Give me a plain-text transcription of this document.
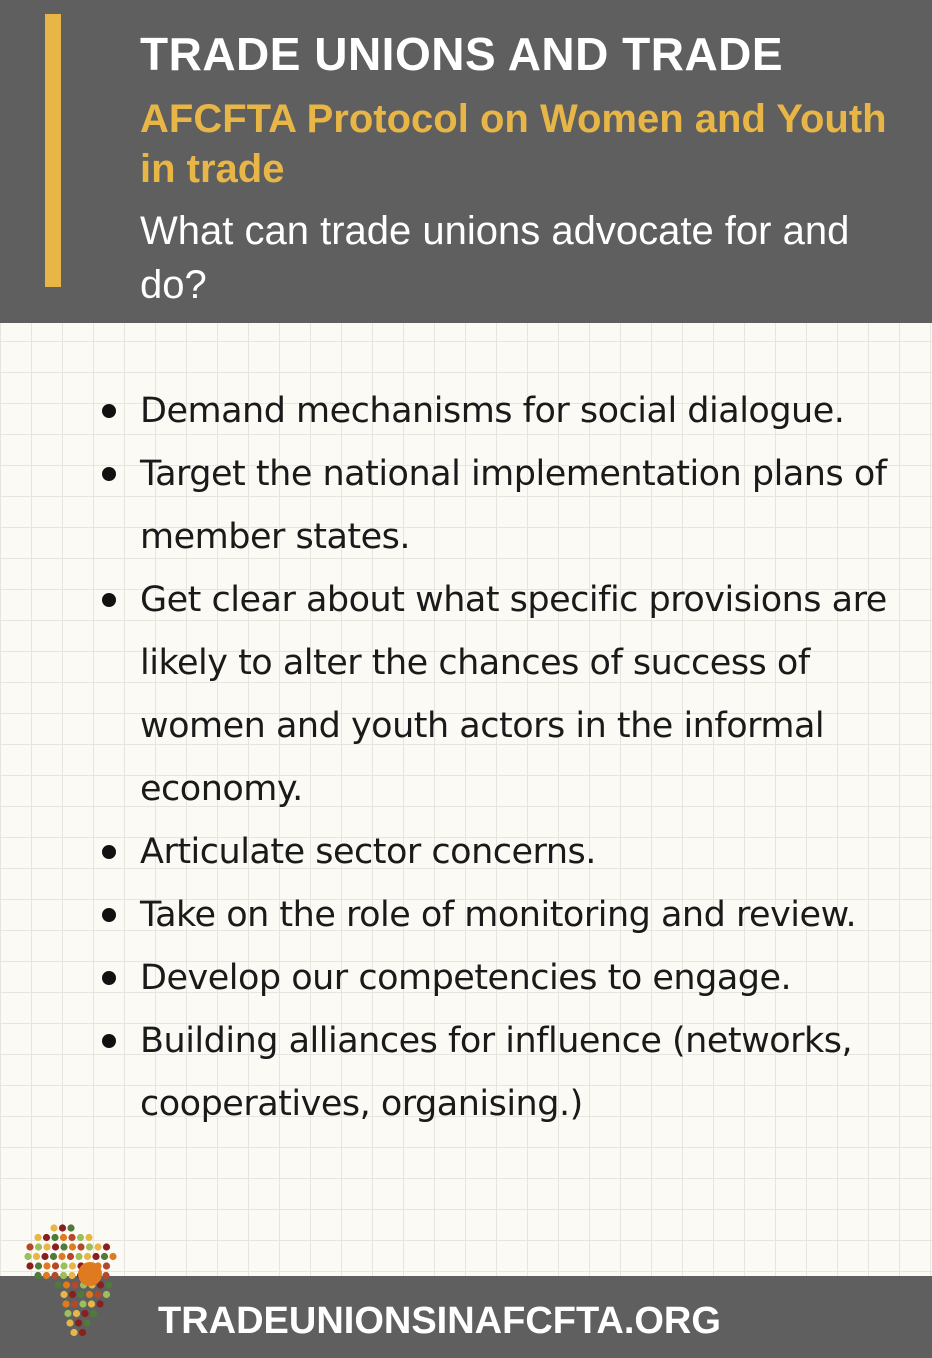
TRADE UNIONS AND TRADE
AFCFTA Protocol on Women and Youth in trade

What can trade unions advocate for and do?

Demand mechanisms for social dialogue.
Target the national implementation plans of member states.
Get clear about what specific provisions are likely to alter the chances of success of women and youth actors in the informal economy.
Articulate sector concerns.
Take on the role of monitoring and review.
Develop our competencies to engage.
Building alliances for influence (networks, cooperatives, organising.)

TRADEUNIONSINAFCFTA.ORG
